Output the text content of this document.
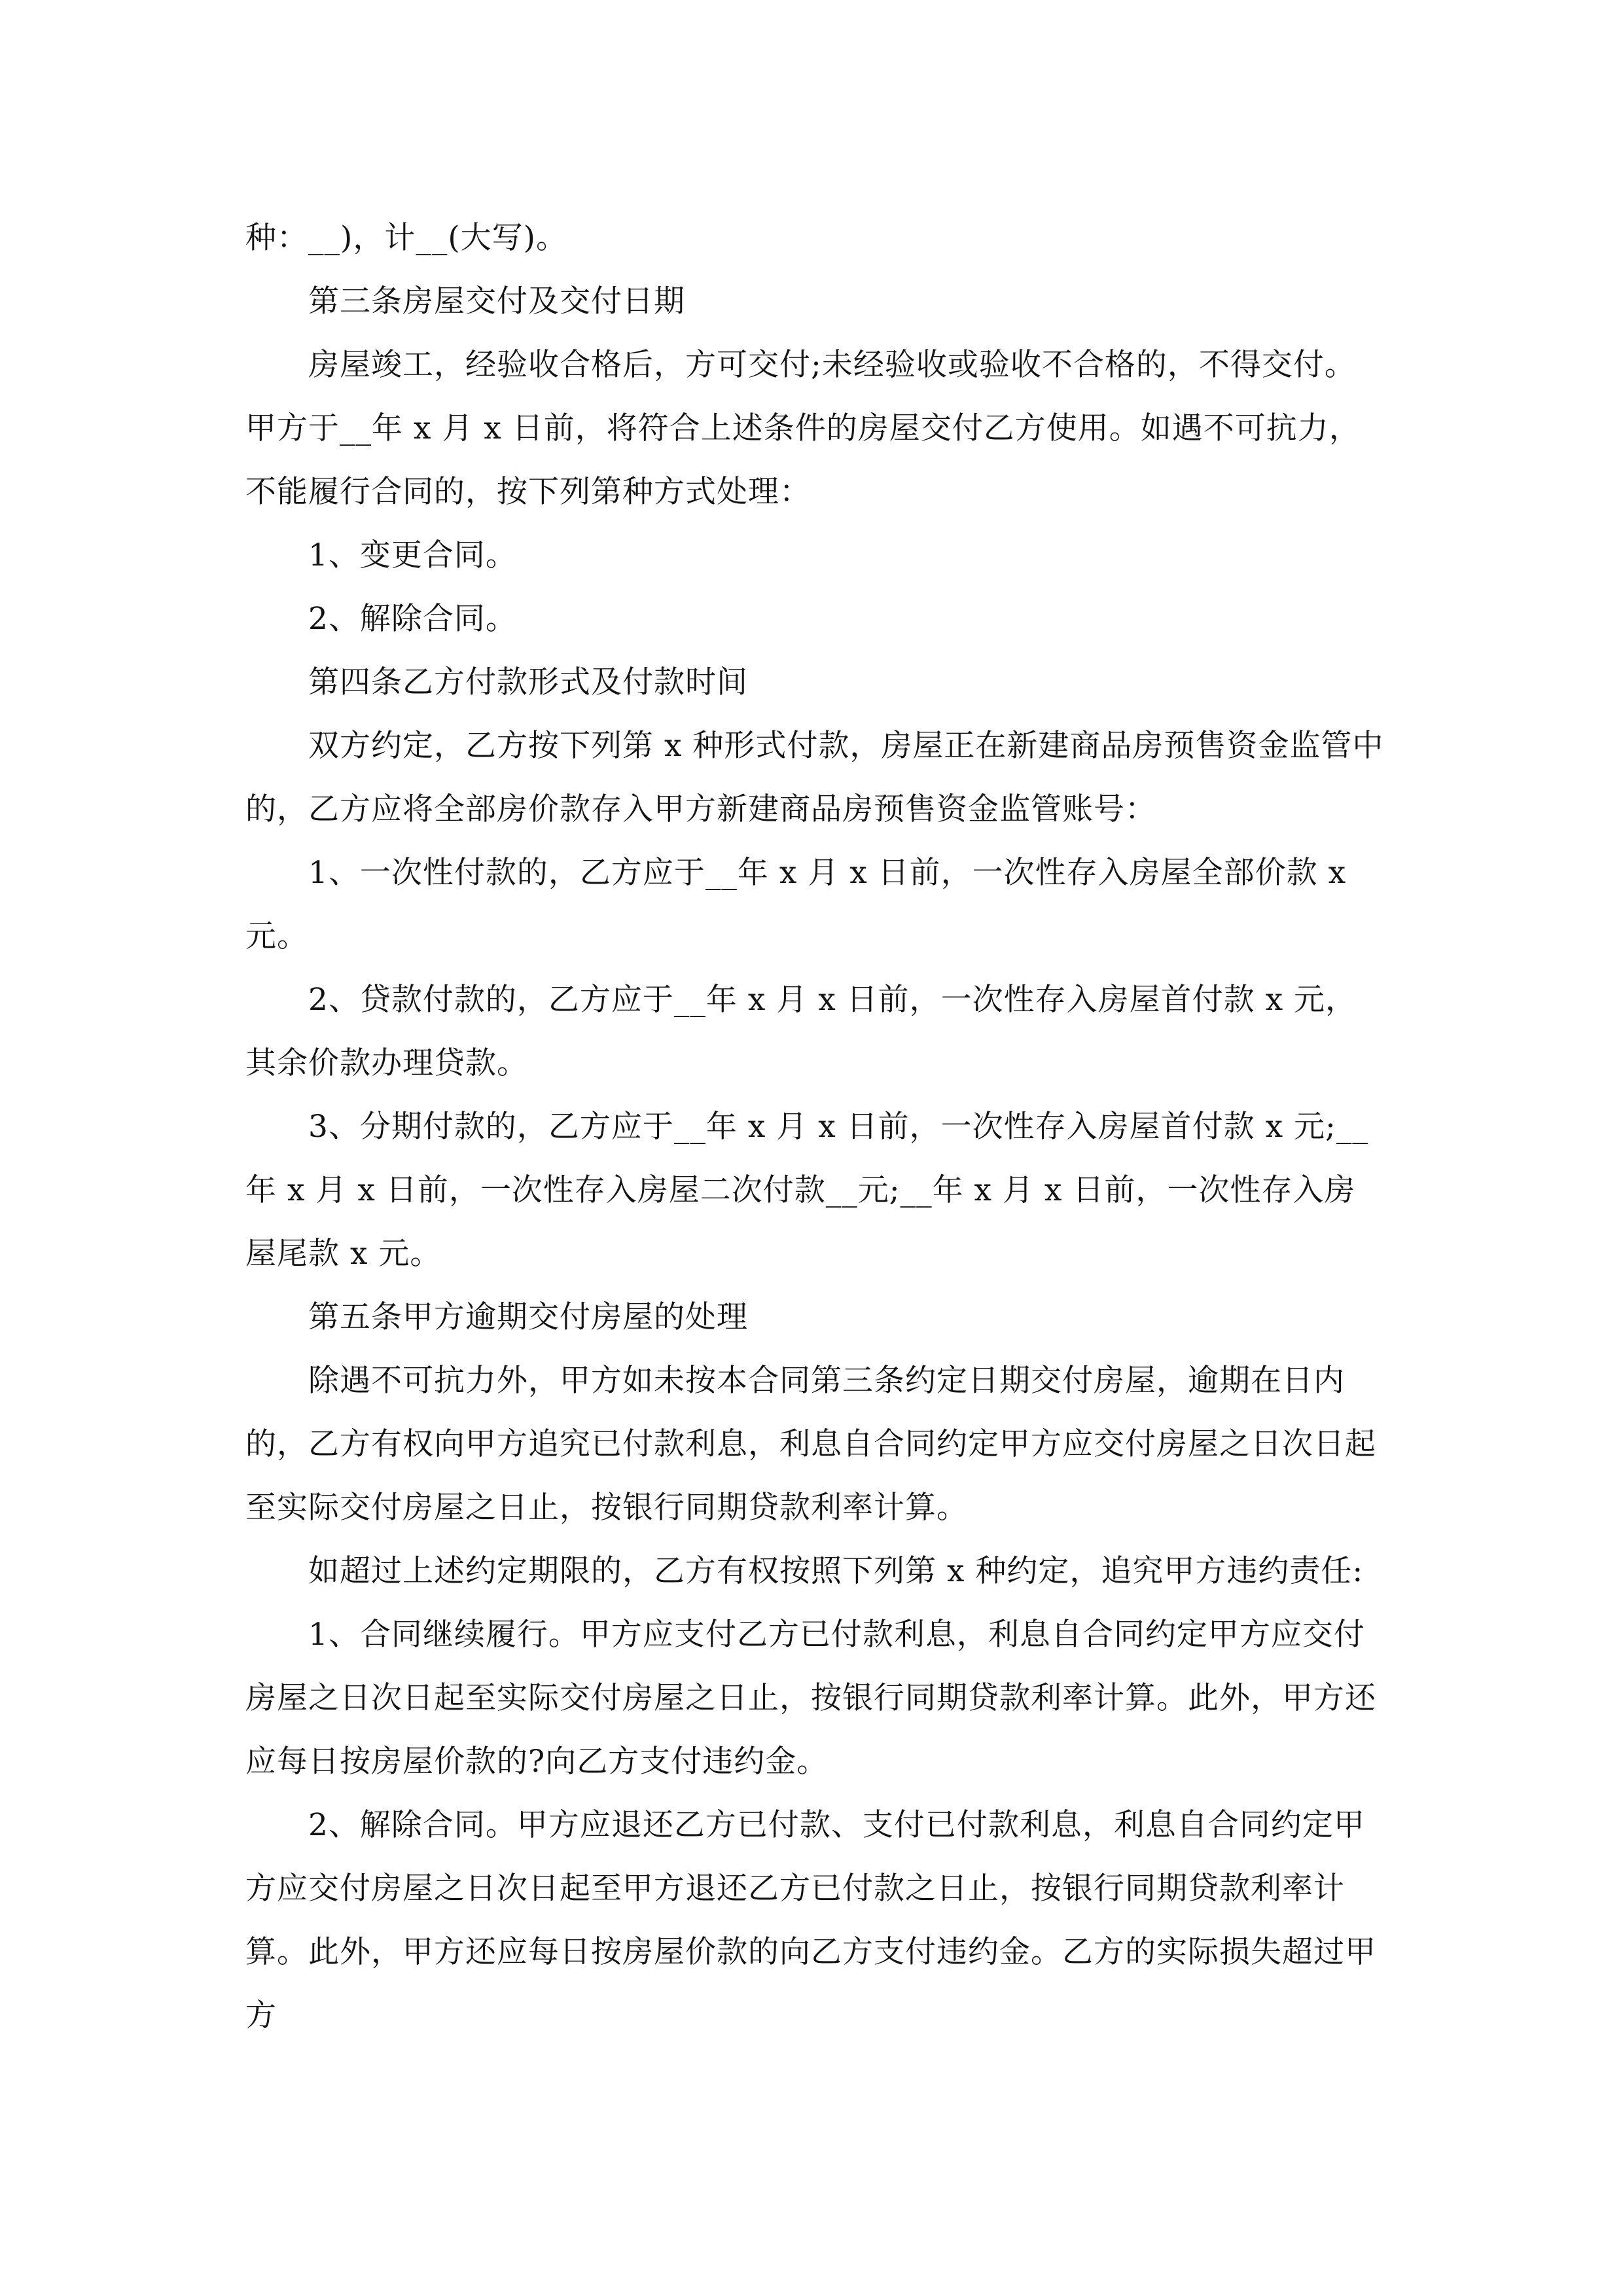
种：__)，计__(大写)。

第三条房屋交付及交付日期

房屋竣工，经验收合格后，方可交付;未经验收或验收不合格的，不得交付。甲方于__年 x 月 x 日前，将符合上述条件的房屋交付乙方使用。如遇不可抗力，不能履行合同的，按下列第种方式处理：

1、变更合同。

2、解除合同。

第四条乙方付款形式及付款时间

双方约定，乙方按下列第 x 种形式付款，房屋正在新建商品房预售资金监管中的，乙方应将全部房价款存入甲方新建商品房预售资金监管账号：

1、一次性付款的，乙方应于__年 x 月 x 日前，一次性存入房屋全部价款 x 元。

2、贷款付款的，乙方应于__年 x 月 x 日前，一次性存入房屋首付款 x 元，其余价款办理贷款。

3、分期付款的，乙方应于__年 x 月 x 日前，一次性存入房屋首付款 x 元;__年 x 月 x 日前，一次性存入房屋二次付款__元;__年 x 月 x 日前，一次性存入房屋尾款 x 元。

第五条甲方逾期交付房屋的处理

除遇不可抗力外，甲方如未按本合同第三条约定日期交付房屋，逾期在日内的，乙方有权向甲方追究已付款利息，利息自合同约定甲方应交付房屋之日次日起至实际交付房屋之日止，按银行同期贷款利率计算。

如超过上述约定期限的，乙方有权按照下列第 x 种约定，追究甲方违约责任:

1、合同继续履行。甲方应支付乙方已付款利息，利息自合同约定甲方应交付房屋之日次日起至实际交付房屋之日止，按银行同期贷款利率计算。此外，甲方还应每日按房屋价款的?向乙方支付违约金。

2、解除合同。甲方应退还乙方已付款、支付已付款利息，利息自合同约定甲方应交付房屋之日次日起至甲方退还乙方已付款之日止，按银行同期贷款利率计算。此外，甲方还应每日按房屋价款的向乙方支付违约金。乙方的实际损失超过甲方
